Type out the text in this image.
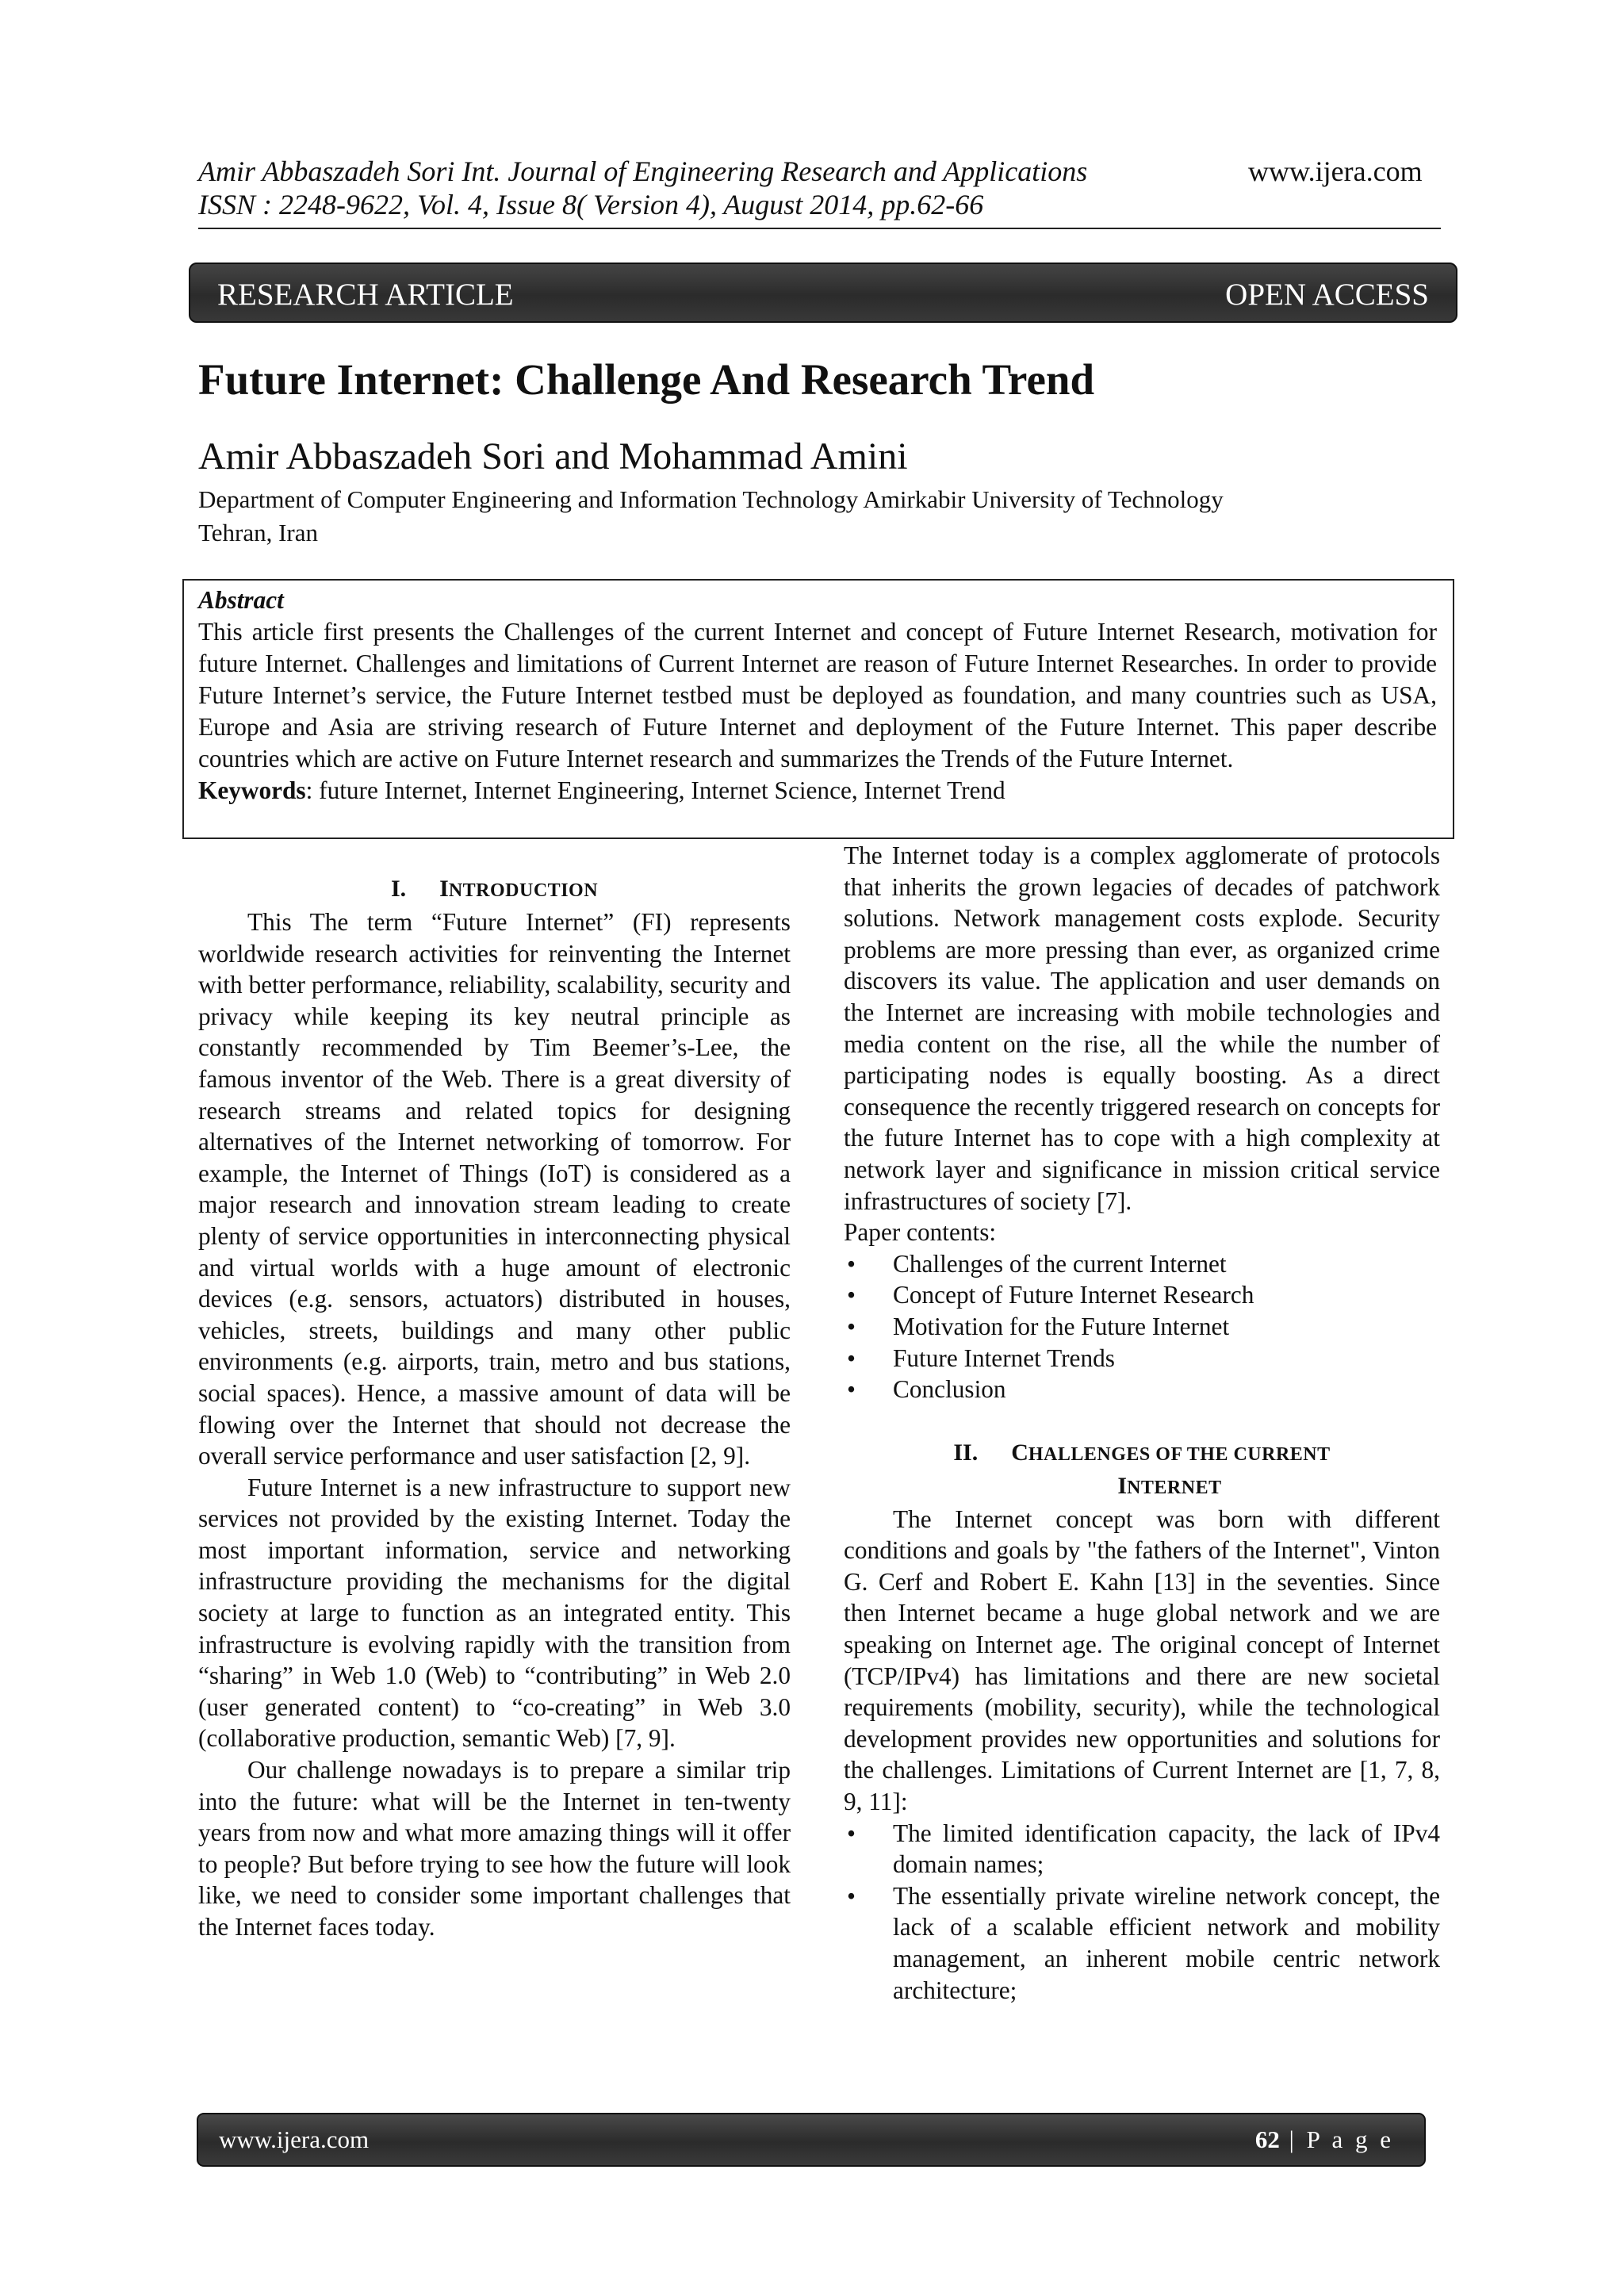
Amir Abbaszadeh Sori Int. Journal of Engineering Research and Applications	www.ijera.com
ISSN : 2248-9622, Vol. 4, Issue 8( Version 4), August 2014, pp.62-66
RESEARCH ARTICLE	OPEN ACCESS
Future Internet: Challenge And Research Trend
Amir Abbaszadeh Sori and Mohammad Amini
Department of Computer Engineering and Information Technology Amirkabir University of Technology
Tehran, Iran
Abstract
This article first presents the Challenges of the current Internet and concept of Future Internet Research, motivation for future Internet. Challenges and limitations of Current Internet are reason of Future Internet Researches. In order to provide Future Internet’s service, the Future Internet testbed must be deployed as foundation, and many countries such as USA, Europe and Asia are striving research of Future Internet and deployment of the Future Internet. This paper describe countries which are active on Future Internet research and summarizes the Trends of the Future Internet.
Keywords: future Internet, Internet Engineering, Internet Science, Internet Trend
I. INTRODUCTION

This The term “Future Internet” (FI) represents worldwide research activities for reinventing the Internet with better performance, reliability, scalability, security and privacy while keeping its key neutral principle as constantly recommended by Tim Beemer’s-Lee, the famous inventor of the Web. There is a great diversity of research streams and related topics for designing alternatives of the Internet networking of tomorrow. For example, the Internet of Things (IoT) is considered as a major research and innovation stream leading to create plenty of service opportunities in interconnecting physical and virtual worlds with a huge amount of electronic devices (e.g. sensors, actuators) distributed in houses, vehicles, streets, buildings and many other public environments (e.g. airports, train, metro and bus stations, social spaces). Hence, a massive amount of data will be flowing over the Internet that should not decrease the overall service performance and user satisfaction [2, 9].

Future Internet is a new infrastructure to support new services not provided by the existing Internet. Today the most important information, service and networking infrastructure providing the mechanisms for the digital society at large to function as an integrated entity. This infrastructure is evolving rapidly with the transition from “sharing” in Web 1.0 (Web) to “contributing” in Web 2.0 (user generated content) to “co-creating” in Web 3.0 (collaborative production, semantic Web) [7, 9].

Our challenge nowadays is to prepare a similar trip into the future: what will be the Internet in ten-twenty years from now and what more amazing things will it offer to people? But before trying to see how the future will look like, we need to consider some important challenges that the Internet faces today.

The Internet today is a complex agglomerate of protocols that inherits the grown legacies of decades of patchwork solutions. Network management costs explode. Security problems are more pressing than ever, as organized crime discovers its value. The application and user demands on the Internet are increasing with mobile technologies and media content on the rise, all the while the number of participating nodes is equally boosting. As a direct consequence the recently triggered research on concepts for the future Internet has to cope with a high complexity at network layer and significance in mission critical service infrastructures of society [7].

Paper contents:

• Challenges of the current Internet
• Concept of Future Internet Research
• Motivation for the Future Internet
• Future Internet Trends
• Conclusion
II. CHALLENGES OF THE CURRENT
INTERNET

The Internet concept was born with different conditions and goals by "the fathers of the Internet", Vinton G. Cerf and Robert E. Kahn [13] in the seventies. Since then Internet became a huge global network and we are speaking on Internet age. The original concept of Internet (TCP/IPv4) has limitations and there are new societal requirements (mobility, security), while the technological development provides new opportunities and solutions for the challenges. Limitations of Current Internet are [1, 7, 8, 9, 11]:

• The limited identification capacity, the lack of IPv4 domain names;
• The essentially private wireline network concept, the lack of a scalable efficient network and mobility management, an inherent mobile centric network architecture;
www.ijera.com	62 | P a g e
